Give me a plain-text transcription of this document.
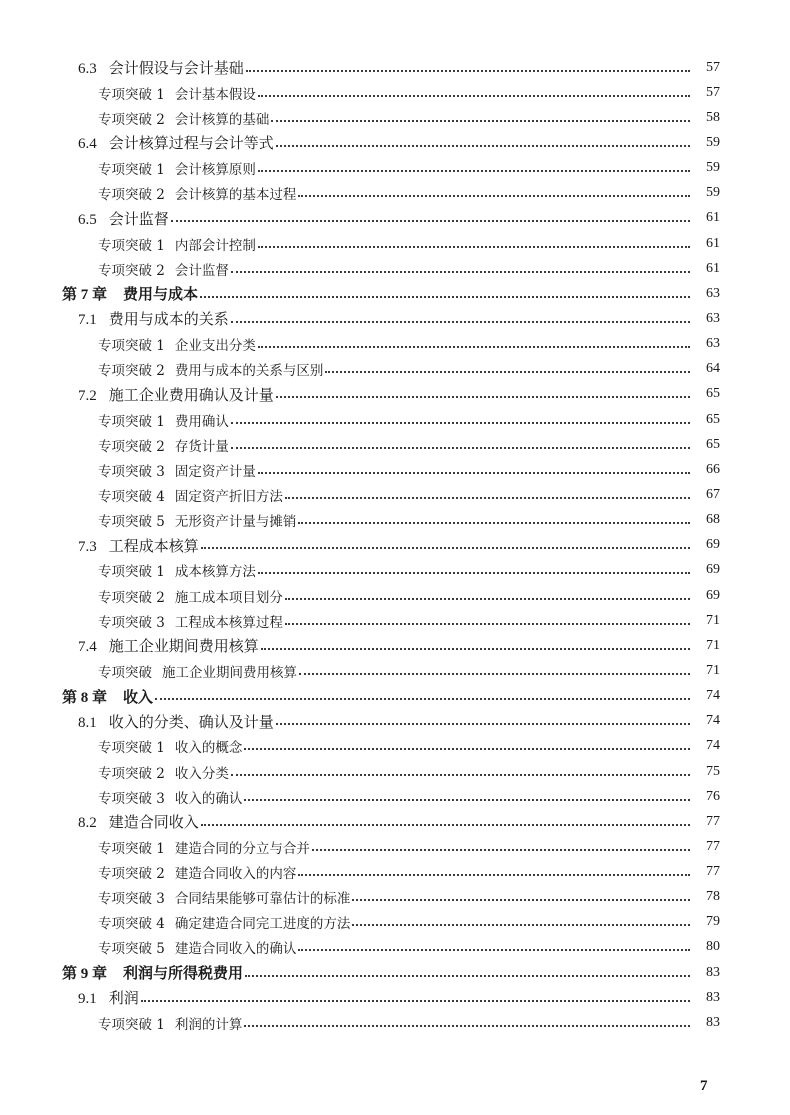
6.3 会计假设与会计基础	57
专项突破 1 会计基本假设	57
专项突破 2 会计核算的基础	58
6.4 会计核算过程与会计等式	59
专项突破 1 会计核算原则	59
专项突破 2 会计核算的基本过程	59
6.5 会计监督	61
专项突破 1 内部会计控制	61
专项突破 2 会计监督	61
第 7 章 费用与成本	63
7.1 费用与成本的关系	63
专项突破 1 企业支出分类	63
专项突破 2 费用与成本的关系与区别	64
7.2 施工企业费用确认及计量	65
专项突破 1 费用确认	65
专项突破 2 存货计量	65
专项突破 3 固定资产计量	66
专项突破 4 固定资产折旧方法	67
专项突破 5 无形资产计量与摊销	68
7.3 工程成本核算	69
专项突破 1 成本核算方法	69
专项突破 2 施工成本项目划分	69
专项突破 3 工程成本核算过程	71
7.4 施工企业期间费用核算	71
专项突破 施工企业期间费用核算	71
第 8 章 收入	74
8.1 收入的分类、确认及计量	74
专项突破 1 收入的概念	74
专项突破 2 收入分类	75
专项突破 3 收入的确认	76
8.2 建造合同收入	77
专项突破 1 建造合同的分立与合并	77
专项突破 2 建造合同收入的内容	77
专项突破 3 合同结果能够可靠估计的标准	78
专项突破 4 确定建造合同完工进度的方法	79
专项突破 5 建造合同收入的确认	80
第 9 章 利润与所得税费用	83
9.1 利润	83
专项突破 1 利润的计算	83
7
